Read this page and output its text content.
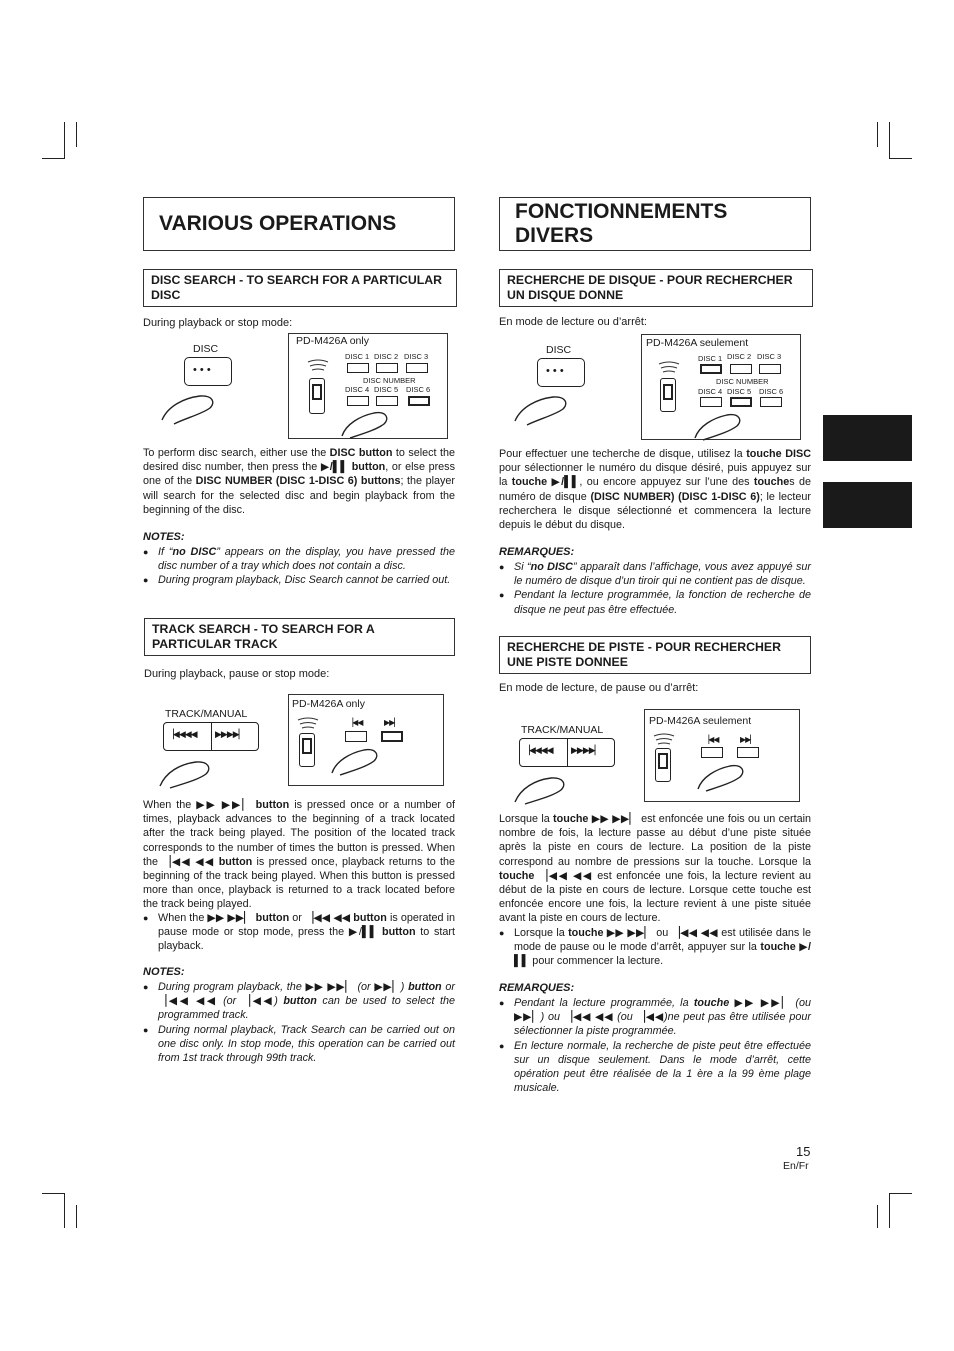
VARIOUS OPERATIONS
DISC SEARCH - TO SEARCH FOR A PARTICULAR DISC
During playback or stop mode:
DISC
• • •
PD-M426A only
DISC 1 DISC 2 DISC 3
DISC NUMBER
DISC 4 DISC 5 DISC 6

To perform disc search, either use the DISC button to select the desired disc number, then press the ▶/▌▌ button, or else press one of the DISC NUMBER (DISC 1-DISC 6) buttons; the player will search for the selected disc and begin playback from the beginning of the disc.

NOTES:
● If “no DISC” appears on the display, you have pressed the disc number of a tray which does not contain a disc.
● During program playback, Disc Search cannot be carried out.
TRACK SEARCH - TO SEARCH FOR A PARTICULAR TRACK
During playback, pause or stop mode:
TRACK/MANUAL
▕◀◀◀◀ ▶▶▶▶▏
PD-M426A only
▕◀◀	▶▶▏

When the ▶▶ ▶▶▏ button is pressed once or a number of times, playback advances to the beginning of a track located after the track being played. The position of the located track corresponds to the number of times the button is pressed. When the ▕◀◀ ◀◀ button is pressed once, playback returns to the beginning of the track being played. When this button is pressed more than once, playback is returned to a track located before the track being played.

● When the ▶▶ ▶▶▏ button or ▕◀◀ ◀◀ button is operated in pause mode or stop mode, press the ▶/▌▌ button to start playback.
NOTES:
● During program playback, the ▶▶ ▶▶▏ (or ▶▶▏) button or ▕◀◀ ◀◀ (or ▕◀◀) button can be used to select the programmed track.
● During normal playback, Track Search can be carried out on one disc only. In stop mode, this operation can be carried out from 1st track through 99th track.
FONCTIONNEMENTS DIVERS
RECHERCHE DE DISQUE - POUR RECHERCHER UN DISQUE DONNE
En mode de lecture ou d’arrêt:
DISC
• • •
PD-M426A seulement
DISC 1 DISC 2 DISC 3
DISC NUMBER
DISC 4 DISC 5 DISC 6

Pour effectuer une techerche de disque, utilisez la touche DISC pour sélectionner le numéro du disque désiré, puis appuyez sur la touche ▶/▌▌, ou encore appuyez sur l’une des touches de numéro de disque (DISC NUMBER) (DISC 1-DISC 6); le lecteur recherchera le disque sélectionné et commencera la lecture depuis le début du disque.

REMARQUES:
● Si “no DISC” apparaît dans l’affichage, vous avez appuyé sur le numéro de disque d’un tiroir qui ne contient pas de disque.
● Pendant la lecture programmée, la fonction de recherche de disque ne peut pas être effectuée.
RECHERCHE DE PISTE - POUR RECHERCHER UNE PISTE DONNEE
En mode de lecture, de pause ou d’arrêt:
TRACK/MANUAL
▕◀◀◀◀ ▶▶▶▶▏
PD-M426A seulement
▕◀◀	▶▶▏

Lorsque la touche ▶▶ ▶▶▏ est enfoncée une fois ou un certain nombre de fois, la lecture passe au début d’une piste située après la piste en cours de lecture. La position de la piste correspond au nombre de pressions sur la touche. Lorsque la touche ▕◀◀ ◀◀ est enfoncée une fois, la lecture revient au début de la piste en cours de lecture. Lorsque cette touche est enfoncée encore une fois, la lecture revient à une piste située avant la piste en cours de lecture.

● Lorsque la touche ▶▶ ▶▶▏ ou ▕◀◀ ◀◀ est utilisée dans le mode de pause ou le mode d’arrêt, appuyer sur la touche ▶/▌▌ pour commencer la lecture.
REMARQUES:
● Pendant la lecture programmée, la touche ▶▶ ▶▶▏ (ou ▶▶▏) ou ▕◀◀ ◀◀ (ou ▕◀◀)ne peut pas être utilisée pour sélectionner la piste programmée.
● En lecture normale, la recherche de piste peut être effectuée sur un disque seulement. Dans le mode d’arrêt, cette opération peut être réalisée de la 1 ère a la 99 ème plage musicale.
15
En/Fr
